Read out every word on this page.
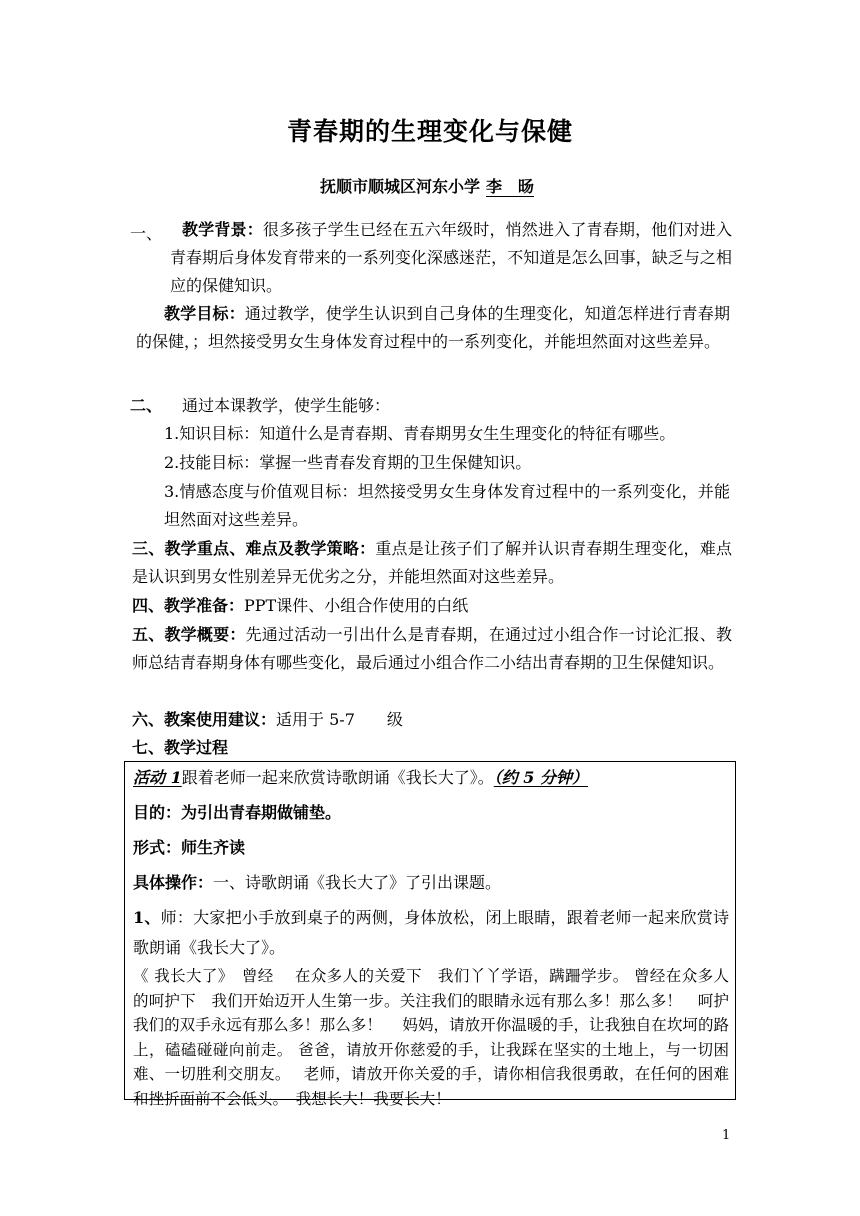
青春期的生理变化与保健
抚顺市顺城区河东小学 李　旸
一、	教学背景：很多孩子学生已经在五六年级时，悄然进入了青春期，他们对进入青春期后身体发育带来的一系列变化深感迷茫，不知道是怎么回事，缺乏与之相应的保健知识。
教学目标：通过教学，使学生认识到自己身体的生理变化，知道怎样进行青春期的保健，；坦然接受男女生身体发育过程中的一系列变化，并能坦然面对这些差异。
二、 通过本课教学，使学生能够：
1.知识目标：知道什么是青春期、青春期男女生生理变化的特征有哪些。
2.技能目标：掌握一些青春发育期的卫生保健知识。
3.情感态度与价值观目标：坦然接受男女生身体发育过程中的一系列变化，并能坦然面对这些差异。
三、教学重点、难点及教学策略：重点是让孩子们了解并认识青春期生理变化，难点是认识到男女性别差异无优劣之分，并能坦然面对这些差异。
四、教学准备：PPT课件、小组合作使用的白纸
五、教学概要：先通过活动一引出什么是青春期，在通过过小组合作一讨论汇报、教师总结青春期身体有哪些变化，最后通过小组合作二小结出青春期的卫生保健知识。
六、教案使用建议：适用于 5-7　　级
七、教学过程
活动 1跟着老师一起来欣赏诗歌朗诵《我长大了》。（约 5 分钟）
目的：为引出青春期做铺垫。
形式：师生齐读
具体操作：一、诗歌朗诵《我长大了》了引出课题。
1、师：大家把小手放到桌子的两侧，身体放松，闭上眼睛，跟着老师一起来欣赏诗歌朗诵《我长大了》。
《 我长大了》　曾经　 在众多人的关爱下　我们丫丫学语，蹒跚学步。 曾经在众多人的呵护下　我们开始迈开人生第一步。关注我们的眼睛永远有那么多！那么多！　呵护我们的双手永远有那么多！那么多！　 妈妈，请放开你温暖的手，让我独自在坎坷的路上，磕磕碰碰向前走。 爸爸，请放开你慈爱的手，让我踩在坚实的土地上，与一切困难、一切胜利交朋友。　 老师，请放开你关爱的手，请你相信我很勇敢，在任何的困难和挫折面前不会低头。　我想长大！我要长大！
1
